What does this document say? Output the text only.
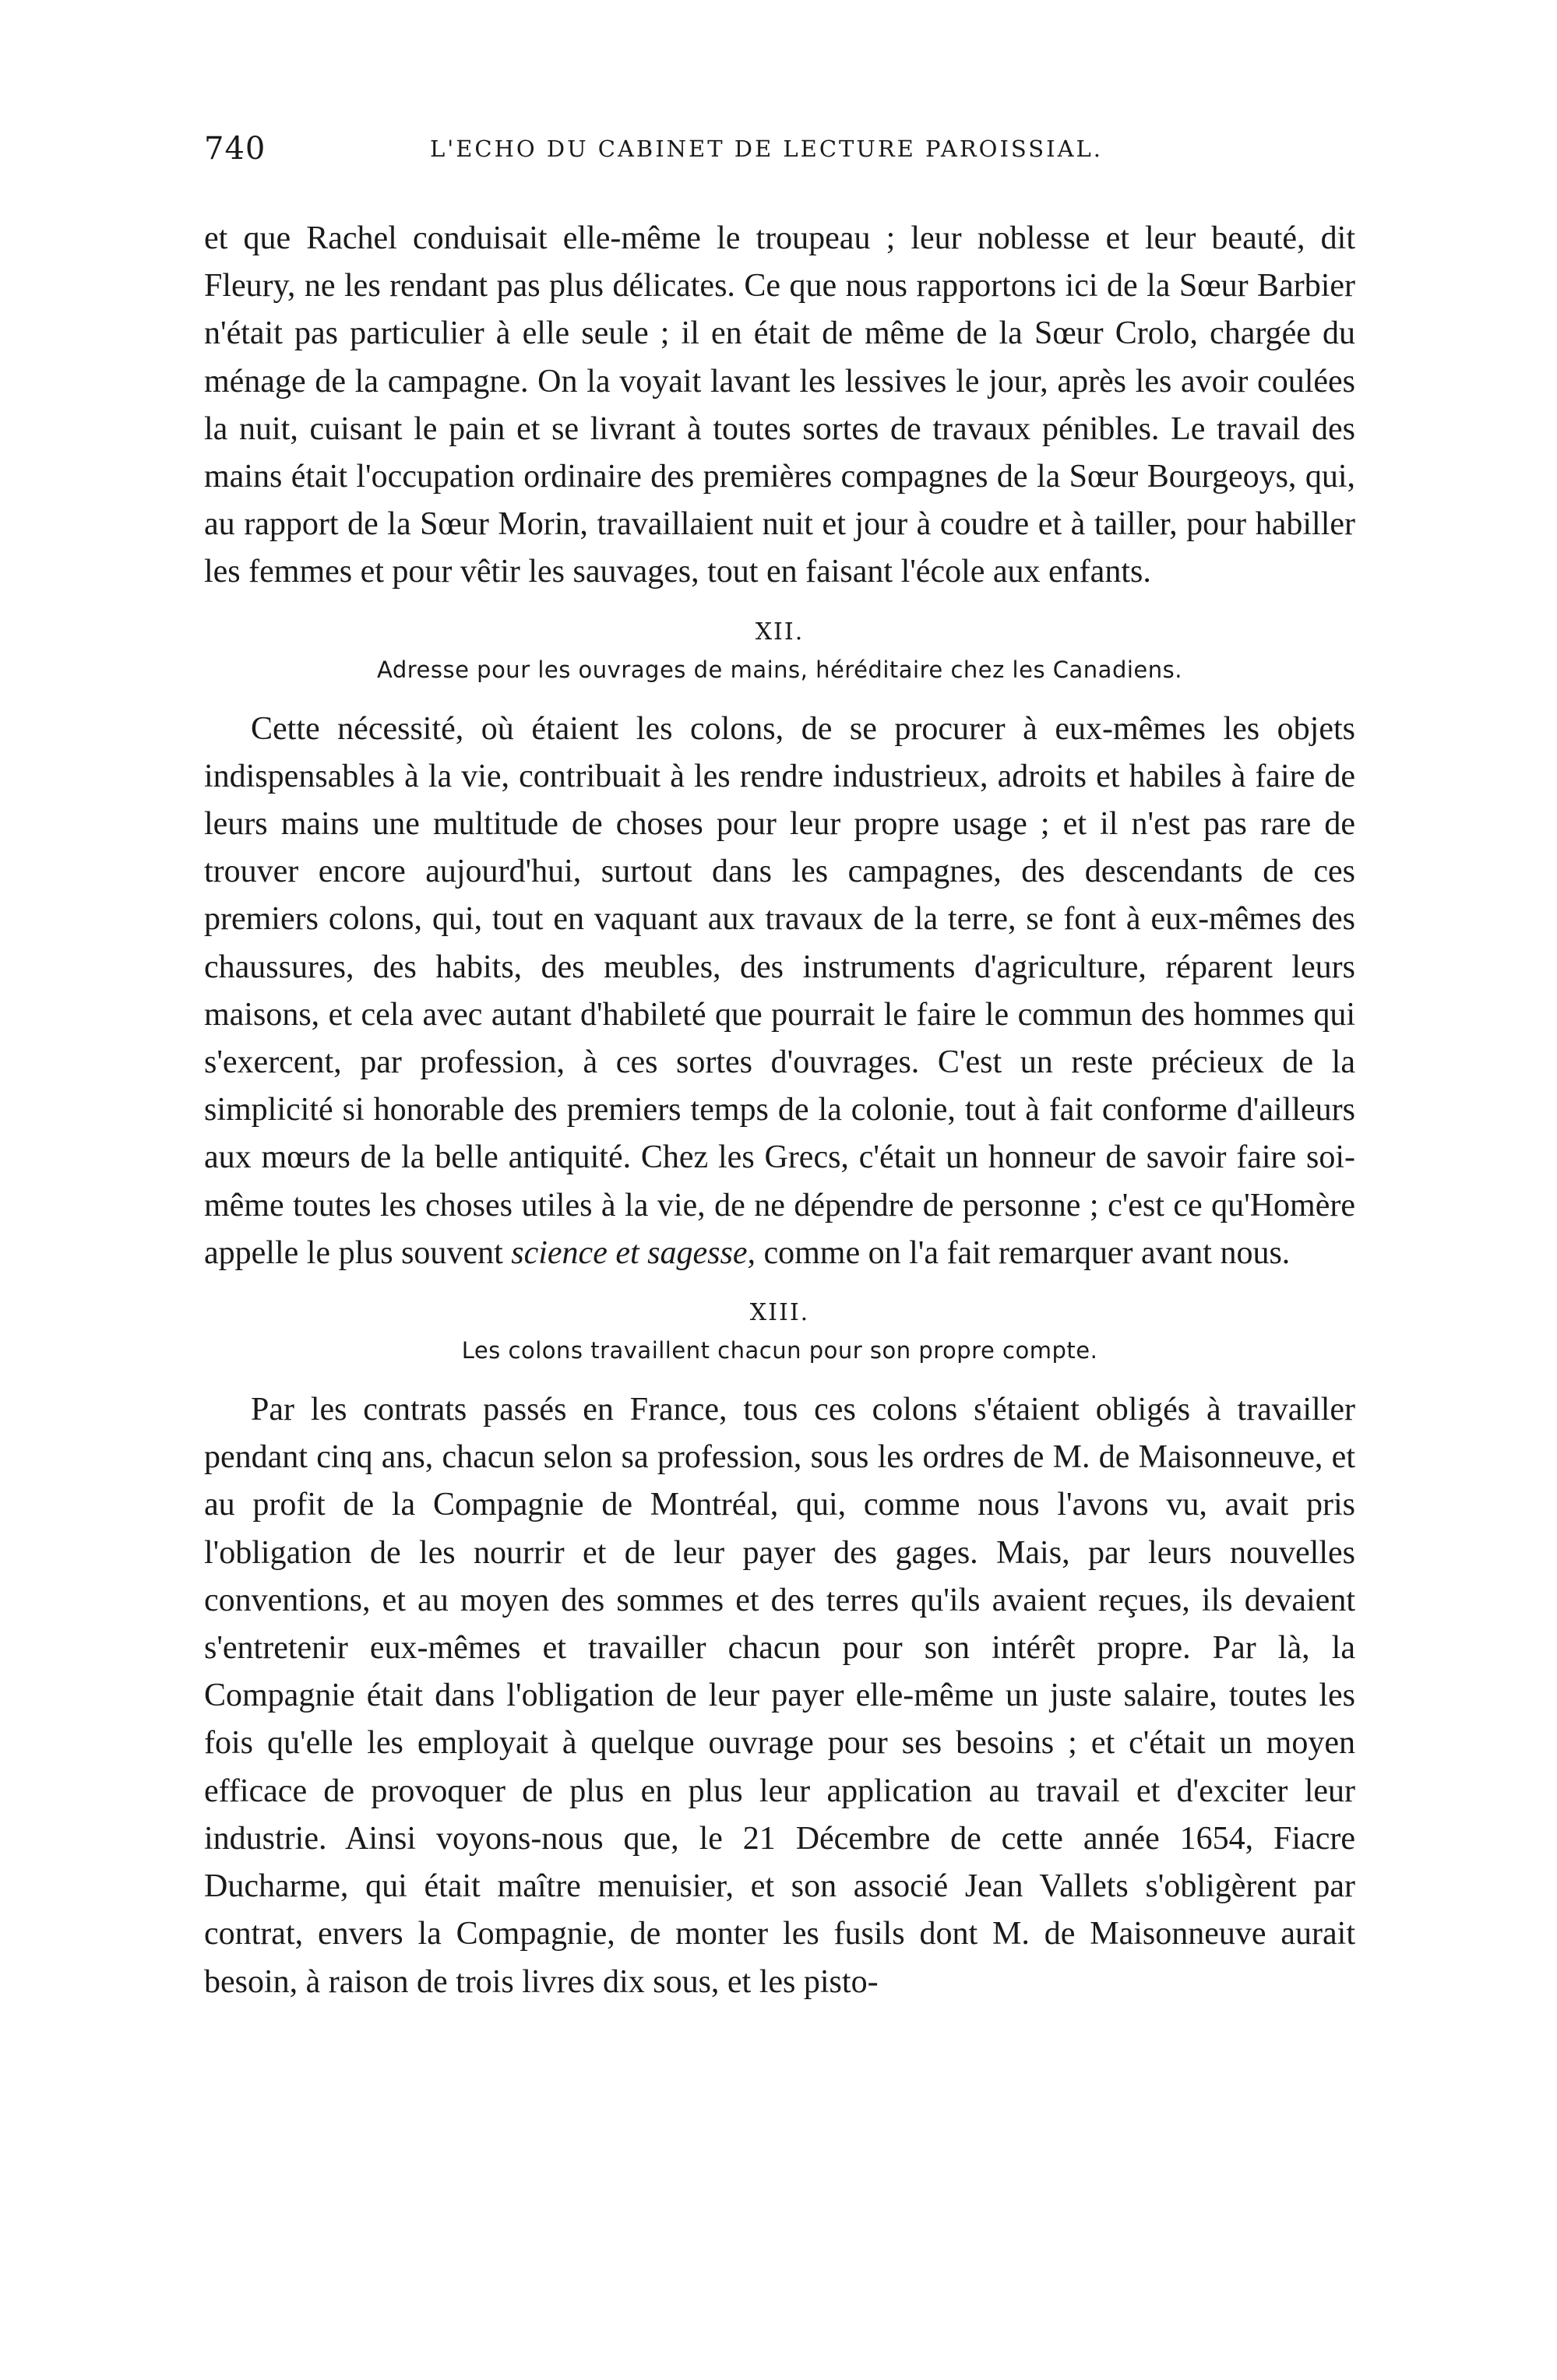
740	L'ECHO DU CABINET DE LECTURE PAROISSIAL.

et que Rachel conduisait elle-même le troupeau ; leur noblesse et leur beauté, dit Fleury, ne les rendant pas plus délicates. Ce que nous rapportons ici de la Sœur Barbier n'était pas particulier à elle seule ; il en était de même de la Sœur Crolo, chargée du ménage de la campagne. On la voyait lavant les lessives le jour, après les avoir coulées la nuit, cuisant le pain et se livrant à toutes sortes de travaux pénibles. Le travail des mains était l'occupation ordinaire des premières compagnes de la Sœur Bourgeoys, qui, au rapport de la Sœur Morin, travaillaient nuit et jour à coudre et à tailler, pour habiller les femmes et pour vêtir les sauvages, tout en faisant l'école aux enfants.

XII.
Adresse pour les ouvrages de mains, héréditaire chez les Canadiens.

Cette nécessité, où étaient les colons, de se procurer à eux-mêmes les objets indispensables à la vie, contribuait à les rendre industrieux, adroits et habiles à faire de leurs mains une multitude de choses pour leur propre usage ; et il n'est pas rare de trouver encore aujourd'hui, surtout dans les campagnes, des descendants de ces premiers colons, qui, tout en vaquant aux travaux de la terre, se font à eux-mêmes des chaussures, des habits, des meubles, des instruments d'agriculture, réparent leurs maisons, et cela avec autant d'habileté que pourrait le faire le commun des hommes qui s'exercent, par profession, à ces sortes d'ouvrages. C'est un reste précieux de la simplicité si honorable des premiers temps de la colonie, tout à fait conforme d'ailleurs aux mœurs de la belle antiquité. Chez les Grecs, c'était un honneur de savoir faire soi-même toutes les choses utiles à la vie, de ne dépendre de personne ; c'est ce qu'Homère appelle le plus souvent science et sagesse, comme on l'a fait remarquer avant nous.

XIII.
Les colons travaillent chacun pour son propre compte.

Par les contrats passés en France, tous ces colons s'étaient obligés à travailler pendant cinq ans, chacun selon sa profession, sous les ordres de M. de Maisonneuve, et au profit de la Compagnie de Montréal, qui, comme nous l'avons vu, avait pris l'obligation de les nourrir et de leur payer des gages. Mais, par leurs nouvelles conventions, et au moyen des sommes et des terres qu'ils avaient reçues, ils devaient s'entretenir eux-mêmes et travailler chacun pour son intérêt propre. Par là, la Compagnie était dans l'obligation de leur payer elle-même un juste salaire, toutes les fois qu'elle les employait à quelque ouvrage pour ses besoins ; et c'était un moyen efficace de provoquer de plus en plus leur application au travail et d'exciter leur industrie. Ainsi voyons-nous que, le 21 Décembre de cette année 1654, Fiacre Ducharme, qui était maître menuisier, et son associé Jean Vallets s'obligèrent par contrat, envers la Compagnie, de monter les fusils dont M. de Maisonneuve aurait besoin, à raison de trois livres dix sous, et les pisto-
